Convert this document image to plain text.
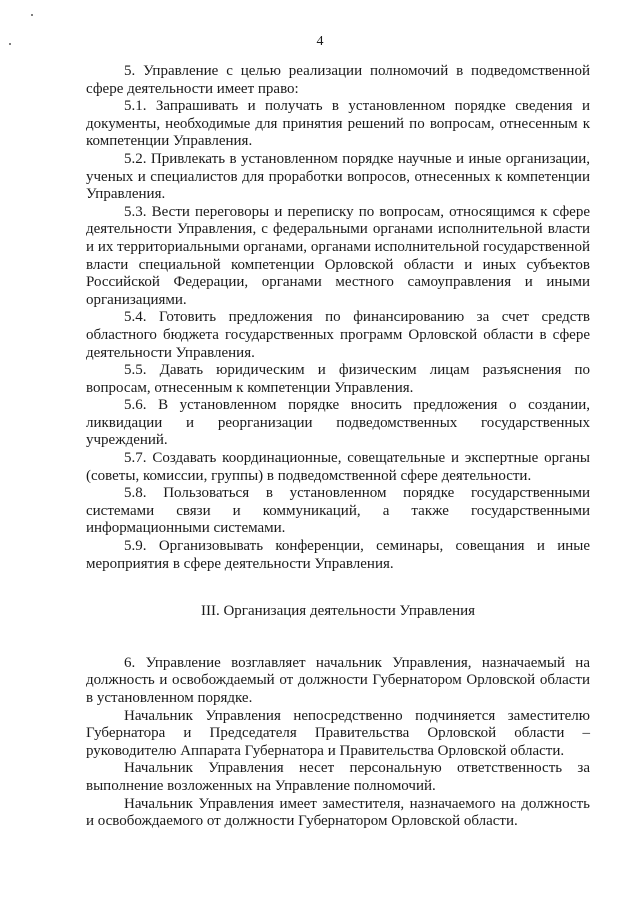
4

5. Управление с целью реализации полномочий в подведомственной сфере деятельности имеет право:

5.1. Запрашивать и получать в установленном порядке сведения и документы, необходимые для принятия решений по вопросам, отнесенным к компетенции Управления.

5.2. Привлекать в установленном порядке научные и иные организации, ученых и специалистов для проработки вопросов, отнесенных к компетенции Управления.

5.3. Вести переговоры и переписку по вопросам, относящимся к сфере деятельности Управления, с федеральными органами исполнительной власти и их территориальными органами, органами исполнительной государственной власти специальной компетенции Орловской области и иных субъектов Российской Федерации, органами местного самоуправления и иными организациями.

5.4. Готовить предложения по финансированию за счет средств областного бюджета государственных программ Орловской области в сфере деятельности Управления.

5.5. Давать юридическим и физическим лицам разъяснения по вопросам, отнесенным к компетенции Управления.

5.6. В установленном порядке вносить предложения о создании, ликвидации и реорганизации подведомственных государственных учреждений.

5.7. Создавать координационные, совещательные и экспертные органы (советы, комиссии, группы) в подведомственной сфере деятельности.

5.8. Пользоваться в установленном порядке государственными системами связи и коммуникаций, а также государственными информационными системами.

5.9. Организовывать конференции, семинары, совещания и иные мероприятия в сфере деятельности Управления.

III. Организация деятельности Управления

6. Управление возглавляет начальник Управления, назначаемый на должность и освобождаемый от должности Губернатором Орловской области в установленном порядке.

Начальник Управления непосредственно подчиняется заместителю Губернатора и Председателя Правительства Орловской области – руководителю Аппарата Губернатора и Правительства Орловской области.

Начальник Управления несет персональную ответственность за выполнение возложенных на Управление полномочий.

Начальник Управления имеет заместителя, назначаемого на должность и освобождаемого от должности Губернатором Орловской области.
